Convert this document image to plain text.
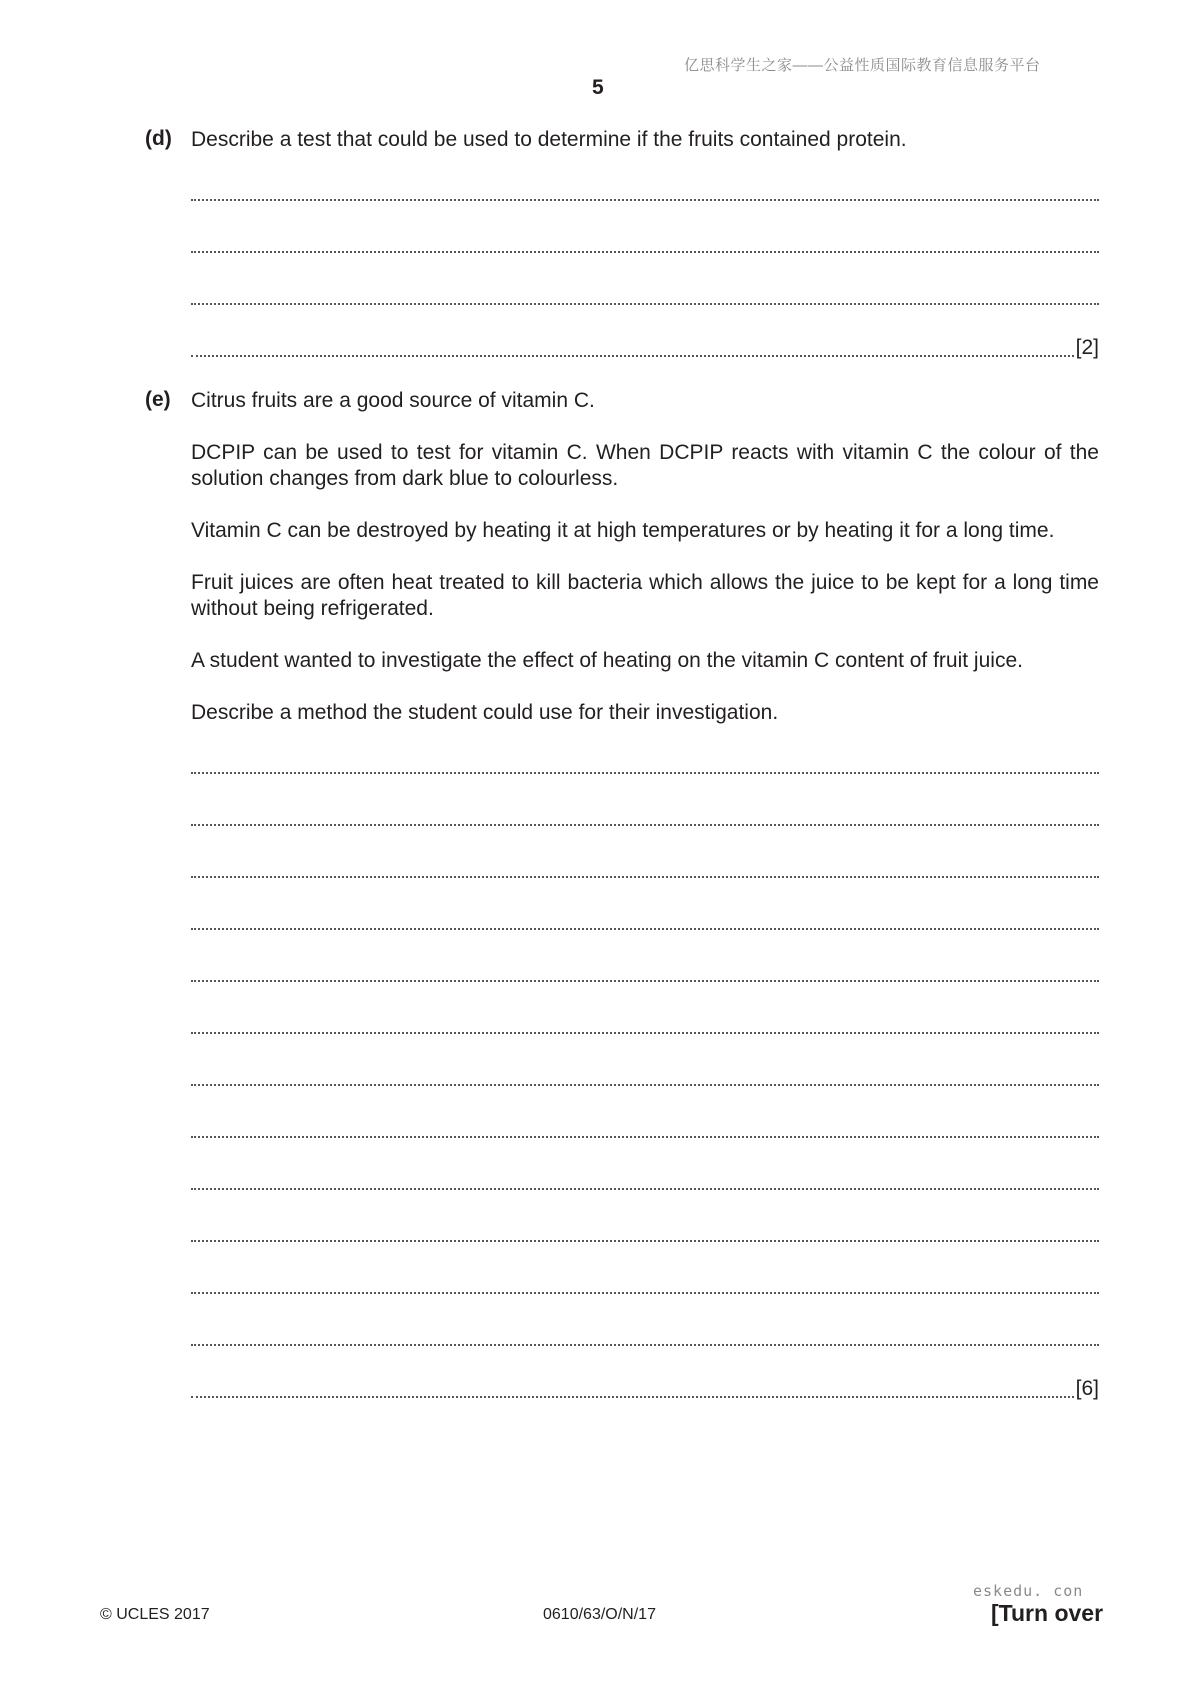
亿思科学生之家——公益性质国际教育信息服务平台
5
(d) Describe a test that could be used to determine if the fruits contained protein.
[2]
(e) Citrus fruits are a good source of vitamin C.
DCPIP can be used to test for vitamin C. When DCPIP reacts with vitamin C the colour of the solution changes from dark blue to colourless.
Vitamin C can be destroyed by heating it at high temperatures or by heating it for a long time.
Fruit juices are often heat treated to kill bacteria which allows the juice to be kept for a long time without being refrigerated.
A student wanted to investigate the effect of heating on the vitamin C content of fruit juice.
Describe a method the student could use for their investigation.
[6]
© UCLES 2017	0610/63/O/N/17
eskedu. con
[Turn over
